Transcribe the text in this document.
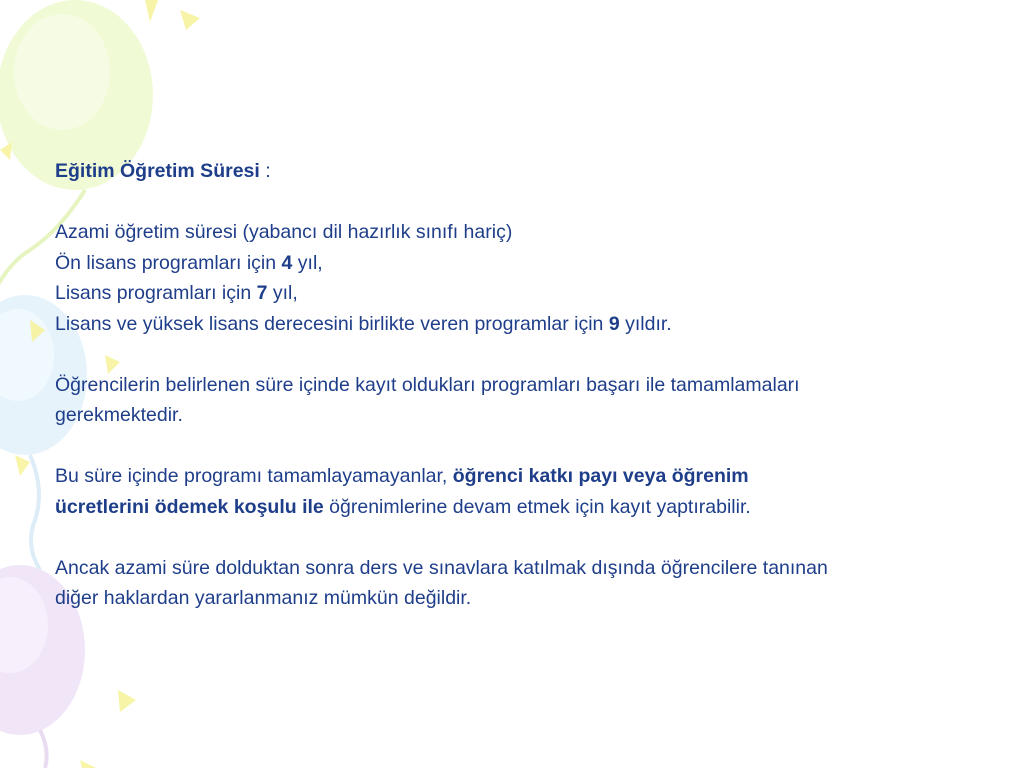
Eğitim Öğretim Süresi :

Azami öğretim süresi (yabancı dil hazırlık sınıfı hariç)
Ön lisans programları için 4 yıl,
Lisans programları için 7 yıl,
Lisans ve yüksek lisans derecesini birlikte veren programlar için 9 yıldır.

Öğrencilerin belirlenen süre içinde kayıt oldukları programları başarı ile tamamlamaları
gerekmektedir.

Bu süre içinde programı tamamlayamayanlar, öğrenci katkı payı veya öğrenim
ücretlerini ödemek koşulu ile öğrenimlerine devam etmek için kayıt yaptırabilir.

Ancak azami süre dolduktan sonra ders ve sınavlara katılmak dışında öğrencilere tanınan
diğer haklardan yararlanmanız mümkün değildir.
